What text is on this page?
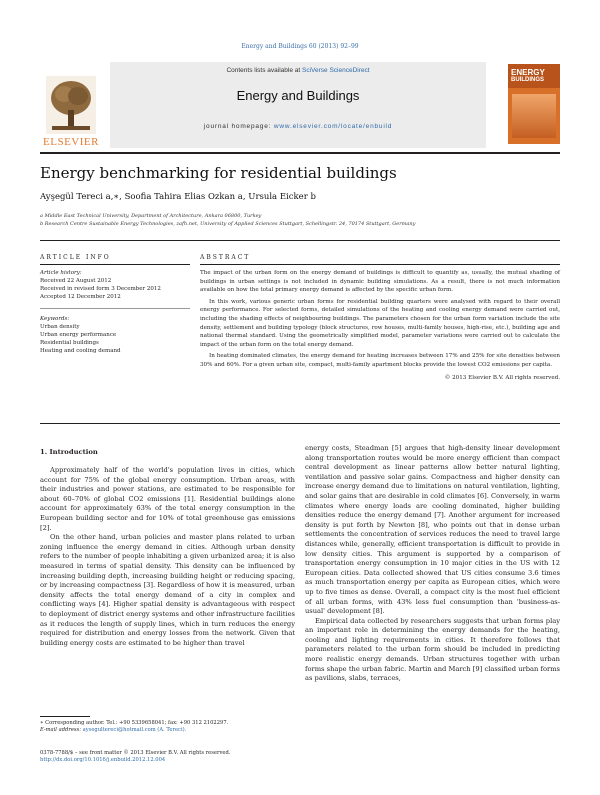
Energy and Buildings 60 (2013) 92–99
ELSEVIER
Contents lists available at SciVerse ScienceDirect
Energy and Buildings
journal homepage: www.elsevier.com/locate/enbuild
ENERGY
BUILDINGS
Energy benchmarking for residential buildings
Ayşegül Tereci a,∗, Soofia Tahira Elias Ozkan a, Ursula Eicker b
a Middle East Technical University, Department of Architecture, Ankara 06800, Turkey
b Research Centre Sustainable Energy Technologies, zafh.net, University of Applied Sciences Stuttgart, Schellingstr. 24, 70174 Stuttgart, Germany
ARTICLE INFO	ABSTRACT
Article history:
Received 22 August 2012
Received in revised form 3 December 2012
Accepted 12 December 2012
Keywords:
Urban density
Urban energy performance
Residential buildings
Heating and cooling demand

The impact of the urban form on the energy demand of buildings is difficult to quantify as, usually, the mutual shading of buildings in urban settings is not included in dynamic building simulations. As a result, there is not much information available on how the total primary energy demand is affected by the specific urban form.

In this work, various generic urban forms for residential building quarters were analysed with regard to their overall energy performance. For selected forms, detailed simulations of the heating and cooling energy demand were carried out, including the shading effects of neighbouring buildings. The parameters chosen for the urban form variation include the site density, settlement and building typology (block structures, row houses, multi-family houses, high-rise, etc.), building age and national thermal standard. Using the geometrically simplified model, parameter variations were carried out to calculate the impact of the urban form on the total energy demand.

In heating dominated climates, the energy demand for heating increases between 17% and 25% for site densities between 30% and 60%. For a given urban site, compact, multi-family apartment blocks provide the lowest CO2 emissions per capita.

© 2013 Elsevier B.V. All rights reserved.
1. Introduction

Approximately half of the world's population lives in cities, which account for 75% of the global energy consumption. Urban areas, with their industries and power stations, are estimated to be responsible for about 60–70% of global CO2 emissions [1]. Residential buildings alone account for approximately 63% of the total energy consumption in the European building sector and for 10% of total greenhouse gas emissions [2].

On the other hand, urban policies and master plans related to urban zoning influence the energy demand in cities. Although urban density refers to the number of people inhabiting a given urbanized area; it is also measured in terms of spatial density. This density can be influenced by increasing building depth, increasing building height or reducing spacing, or by increasing compactness [3]. Regardless of how it is measured, urban density affects the total energy demand of a city in complex and conflicting ways [4]. Higher spatial density is advantageous with respect to deployment of district energy systems and other infrastructure facilities as it reduces the length of supply lines, which in turn reduces the energy required for distribution and energy losses from the network. Given that building energy costs are estimated to be higher than travel

energy costs, Steadman [5] argues that high-density linear development along transportation routes would be more energy efficient than compact central development as linear patterns allow better natural lighting, ventilation and passive solar gains. Compactness and higher density can increase energy demand due to limitations on natural ventilation, lighting, and solar gains that are desirable in cold climates [6]. Conversely, in warm climates where energy loads are cooling dominated, higher building densities reduce the energy demand [7]. Another argument for increased density is put forth by Newton [8], who points out that in dense urban settlements the concentration of services reduces the need to travel large distances while, generally, efficient transportation is difficult to provide in low density cities. This argument is supported by a comparison of transportation energy consumption in 10 major cities in the US with 12 European cities. Data collected showed that US cities consume 3.6 times as much transportation energy per capita as European cities, which were up to five times as dense. Overall, a compact city is the most fuel efficient of all urban forms, with 43% less fuel consumption than 'business-as-usual' development [8].

Empirical data collected by researchers suggests that urban forms play an important role in determining the energy demands for the heating, cooling and lighting requirements in cities. It therefore follows that parameters related to the urban form should be included in predicting more realistic energy demands. Urban structures together with urban forms shape the urban fabric. Martin and March [9] classified urban forms as pavilions, slabs, terraces,

∗ Corresponding author. Tel.: +90 5339658041; fax: +90 312 2102297.
E-mail address: aysegultereci@hotmail.com (A. Tereci).
0378-7788/$ – see front matter © 2013 Elsevier B.V. All rights reserved.
http://dx.doi.org/10.1016/j.enbuild.2012.12.004
